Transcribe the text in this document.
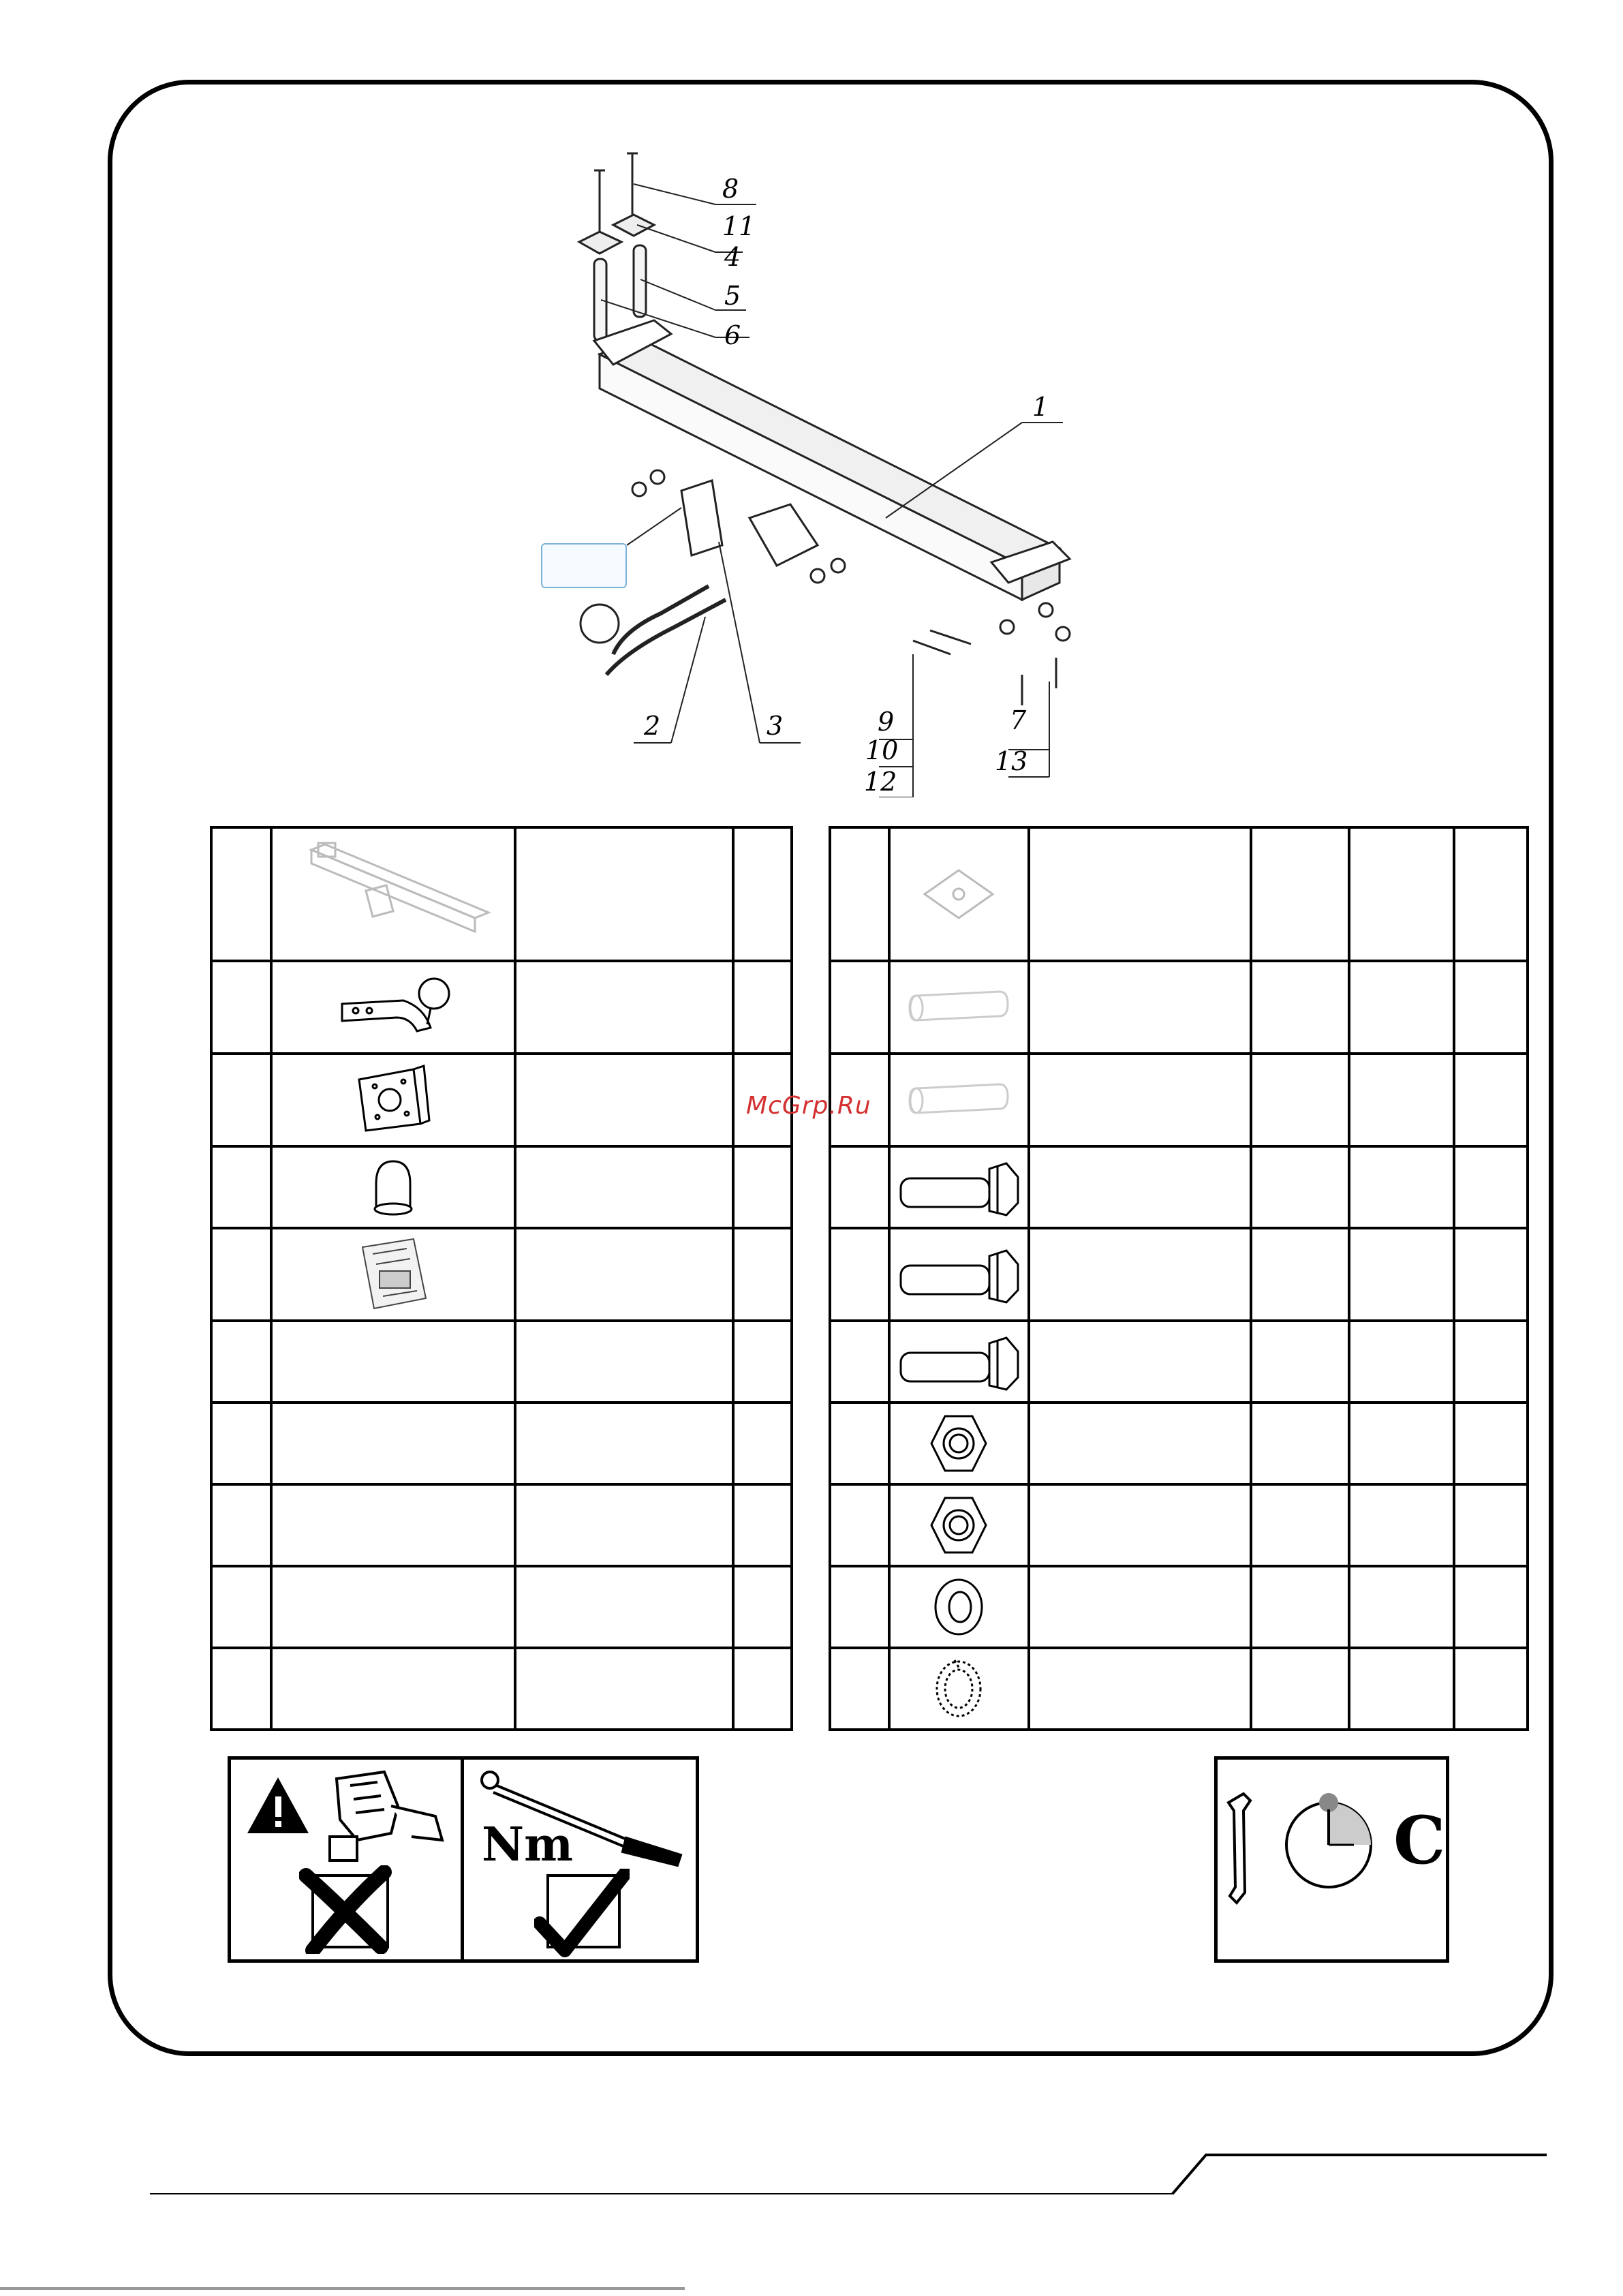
8
11
4
5
6
1
2	3	9
10
12
7
13

McGrp.Ru
Nm	C
